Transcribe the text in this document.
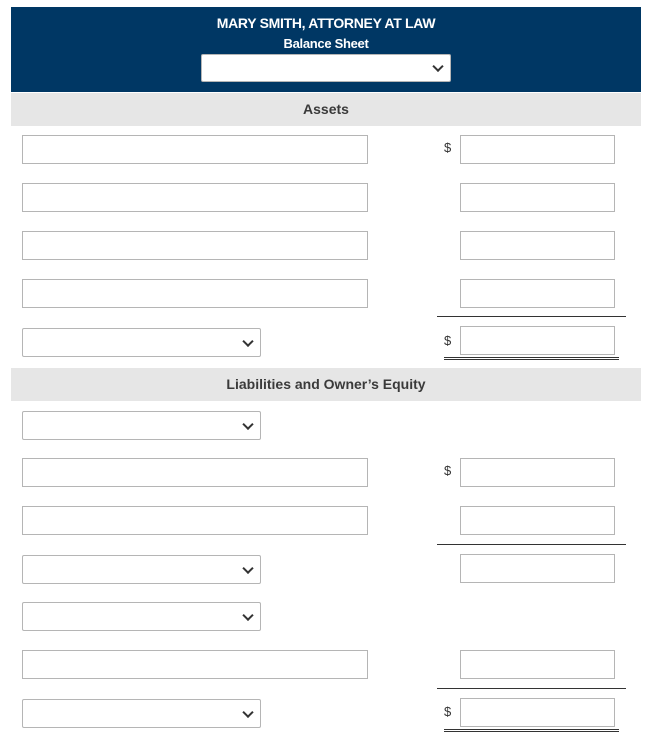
MARY SMITH, ATTORNEY AT LAW
Balance Sheet
Assets
$
$
Liabilities and Owner’s Equity
$
$
